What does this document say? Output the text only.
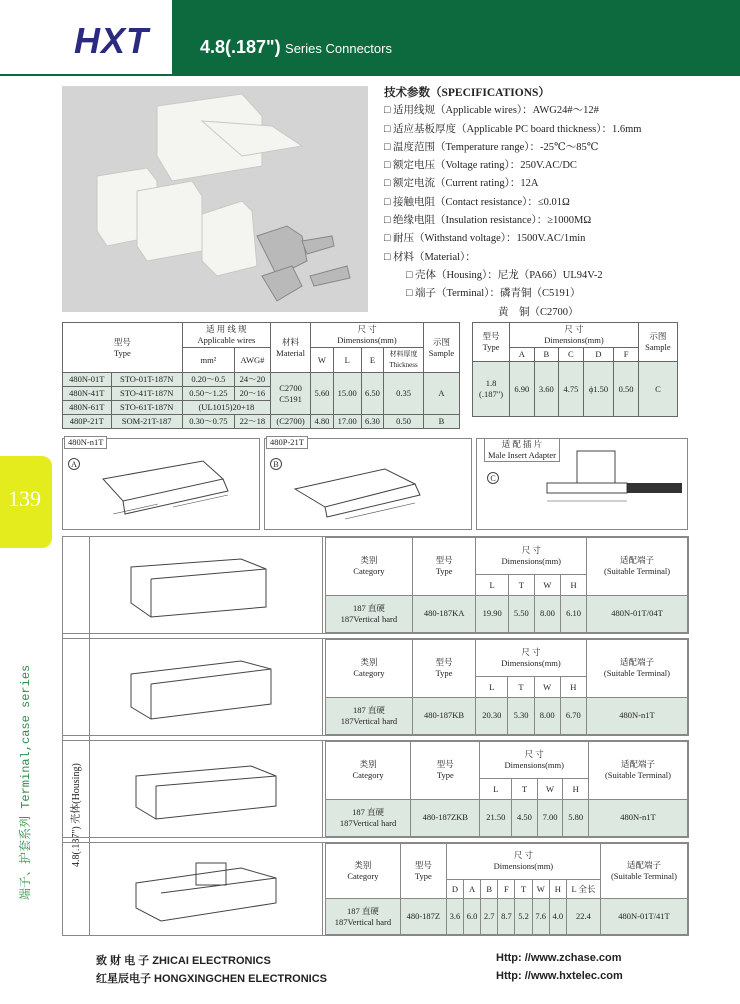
HXT	4.8(.187") Series Connectors
技术参数（SPECIFICATIONS）
□ 适用线规（Applicable wires）：AWG24#～12#
□ 适应基板厚度（Applicable PC board thickness）：1.6mm
□ 温度范围（Temperature range）：-25℃～85℃
□ 额定电压（Voltage rating）：250V.AC/DC
□ 额定电流（Current rating）：12A
□ 接触电阻（Contact resistance）：≤0.01Ω
□ 绝缘电阻（Insulation resistance）：≥1000MΩ
□ 耐压（Withstand voltage）：1500V.AC/1min
□ 材料（Material）：
□ 壳体（Housing）：尼龙（PA66）UL94V-2
□ 端子（Terminal）：磷青铜（C5191）
黄　铜（C2700）
型号
Type		适 用 线 规
Applicable wires		材料
Material	尺 寸
Dimensions(mm)				示图
Sample
		mm²	AWG#		W	L	E	材料厚度
Thickness	
480N-01T	STO-01T-187N	0.20～0.5	24～20	C2700
C5191	5.60	15.00	6.50	0.35	A
480N-41T	STO-41T-187N	0.50～1.25	20～16						
480N-61T	STO-61T-187N	(UL1015)20+18							
480P-21T	SOM-21T-187	0.30～0.75	22～18	(C2700)	4.80	17.00	6.30	0.50	B
型号
Type	尺 寸
Dimensions(mm)					示图
Sample
	A	B	C	D	F	
1.8
(.187")	6.90	3.60	4.75	ϕ1.50	0.50	C
480N-n1T
A
480P-21T
B
适 配 插 片
Male Insert Adapter
C
139
4.8(.187") 壳体(Housing)
类别
Category	型号
Type	尺 寸
Dimensions(mm)				适配端子
(Suitable Terminal)
		L	T	W	H	
187 直硬
187Vertical hard	480-187KA	19.90	5.50	8.00	6.10	480N-01T/04T
类别
Category	型号
Type	尺 寸
Dimensions(mm)				适配端子
(Suitable Terminal)
		L	T	W	H	
187 直硬
187Vertical hard	480-187KB	20.30	5.30	8.00	6.70	480N-n1T
类别
Category	型号
Type	尺 寸
Dimensions(mm)				适配端子
(Suitable Terminal)
		L	T	W	H	
187 直硬
187Vertical hard	480-187ZKB	21.50	4.50	7.00	5.80	480N-n1T
类别
Category	型号
Type	尺 寸
Dimensions(mm)								适配端子
(Suitable Terminal)
		D	A	B	F	T	W	H	L 全长	
187 直硬
187Vertical hard	480-187Z	3.6	6.0	2.7	8.7	5.2	7.6	4.0	22.4	480N-01T/41T
端子、护套系列 Terminal,case series
致 财 电 子 ZHICAI ELECTRONICS
红星辰电子 HONGXINGCHEN ELECTRONICS
Http: //www.zchase.com
Http: //www.hxtelec.com
